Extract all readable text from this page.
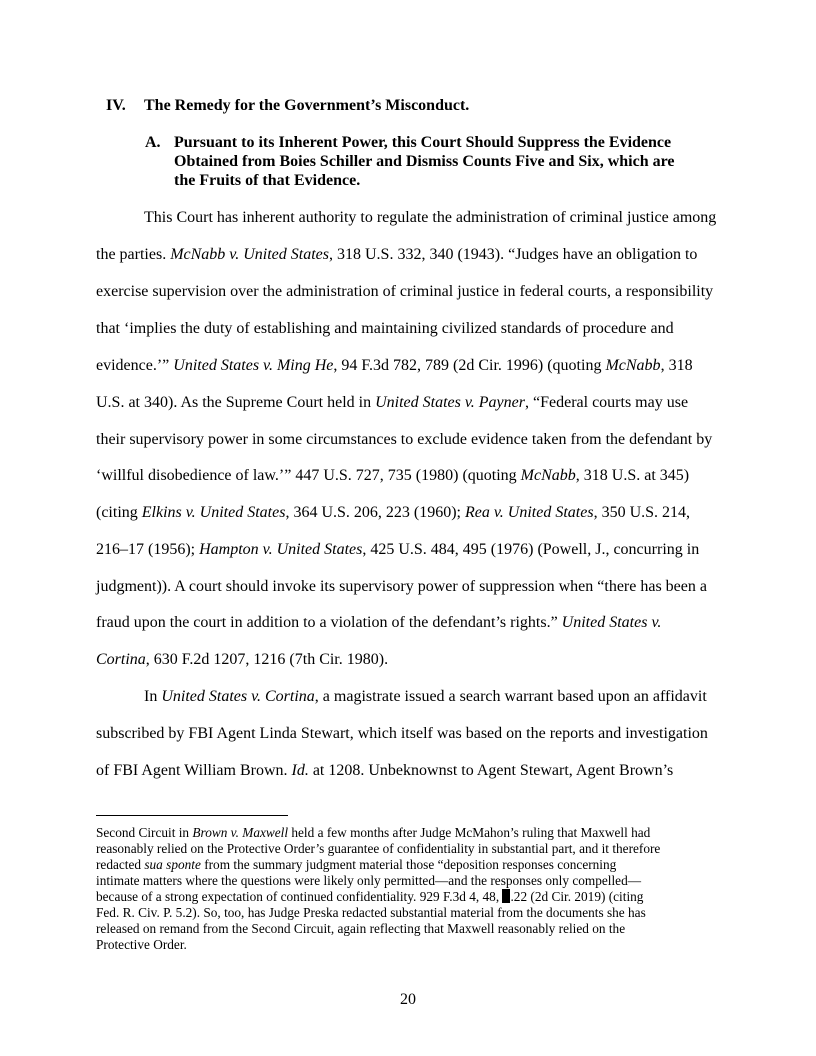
IV. The Remedy for the Government’s Misconduct.
A. Pursuant to its Inherent Power, this Court Should Suppress the Evidence
Obtained from Boies Schiller and Dismiss Counts Five and Six, which are
the Fruits of that Evidence.
This Court has inherent authority to regulate the administration of criminal justice among
the parties. McNabb v. United States, 318 U.S. 332, 340 (1943). “Judges have an obligation to
exercise supervision over the administration of criminal justice in federal courts, a responsibility
that ‘implies the duty of establishing and maintaining civilized standards of procedure and
evidence.’” United States v. Ming He, 94 F.3d 782, 789 (2d Cir. 1996) (quoting McNabb, 318
U.S. at 340). As the Supreme Court held in United States v. Payner, “Federal courts may use
their supervisory power in some circumstances to exclude evidence taken from the defendant by
‘willful disobedience of law.’” 447 U.S. 727, 735 (1980) (quoting McNabb, 318 U.S. at 345)
(citing Elkins v. United States, 364 U.S. 206, 223 (1960); Rea v. United States, 350 U.S. 214,
216–17 (1956); Hampton v. United States, 425 U.S. 484, 495 (1976) (Powell, J., concurring in
judgment)). A court should invoke its supervisory power of suppression when “there has been a
fraud upon the court in addition to a violation of the defendant’s rights.” United States v.
Cortina, 630 F.2d 1207, 1216 (7th Cir. 1980).
In United States v. Cortina, a magistrate issued a search warrant based upon an affidavit
subscribed by FBI Agent Linda Stewart, which itself was based on the reports and investigation
of FBI Agent William Brown. Id. at 1208. Unbeknownst to Agent Stewart, Agent Brown’s
Second Circuit in Brown v. Maxwell held a few months after Judge McMahon’s ruling that Maxwell had
reasonably relied on the Protective Order’s guarantee of confidentiality in substantial part, and it therefore
redacted sua sponte from the summary judgment material those “deposition responses concerning
intimate matters where the questions were likely only permitted—and the responses only compelled—
because of a strong expectation of continued confidentiality. 929 F.3d 4, 48, .22 (2d Cir. 2019) (citing
Fed. R. Civ. P. 5.2). So, too, has Judge Preska redacted substantial material from the documents she has
released on remand from the Second Circuit, again reflecting that Maxwell reasonably relied on the
Protective Order.
20
